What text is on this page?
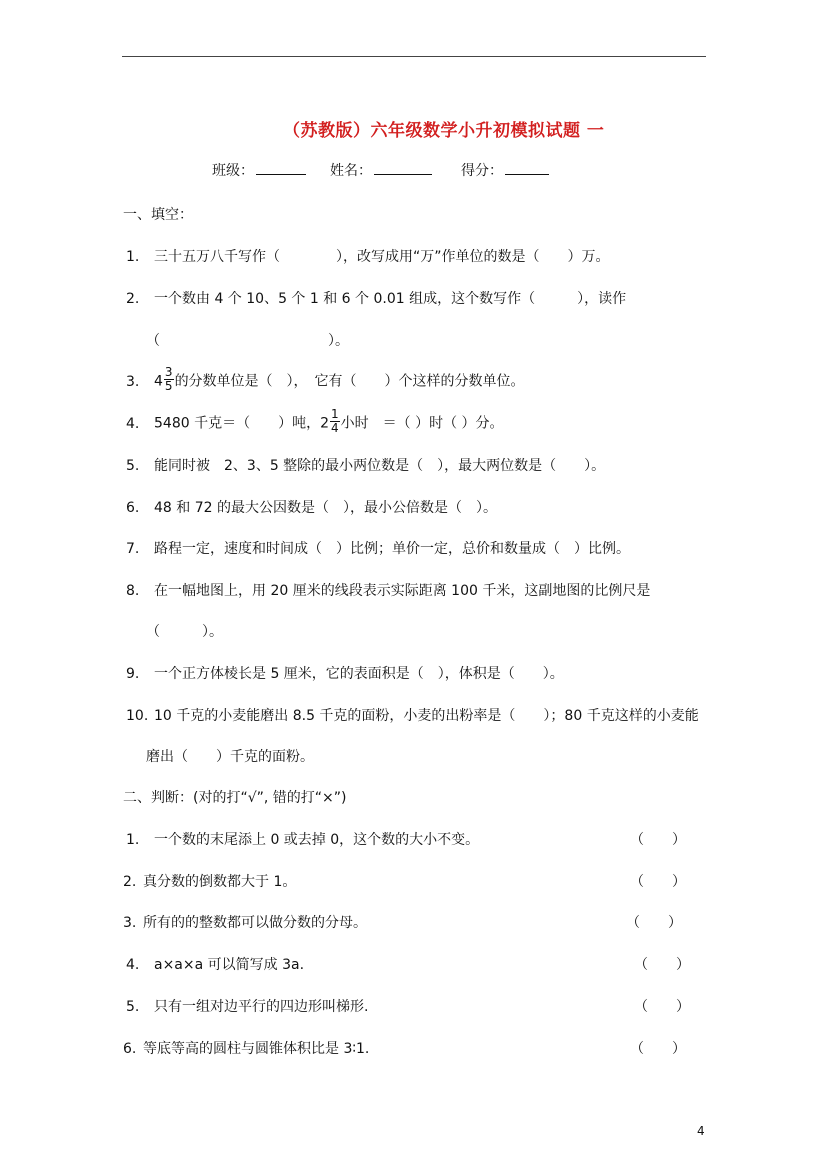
（苏教版）六年级数学小升初模拟试题 一
班级：	姓名：	得分：
一、填空：
1. 三十五万八千写作（　　　　），改写成用“万”作单位的数是（　　）万。
2. 一个数由 4 个 10、5 个 1 和 6 个 0.01 组成，这个数写作（　　　），读作
（　　　　　　　　　　　　）。
3. $4 \frac{3}{5}$ 的分数单位是（　），　它有（　　）个这样的分数单位。
4. 5480 千克＝（　　）吨，$2 \frac{1}{4}$ 小时　＝（ ）时（ ）分。
5. 能同时被　2、3、5 整除的最小两位数是（　），最大两位数是（　　）。
6. 48 和 72 的最大公因数是（　），最小公倍数是（　）。
7. 路程一定，速度和时间成（　）比例；单价一定，总价和数量成（　）比例。
8. 在一幅地图上，用 20 厘米的线段表示实际距离 100 千米，这副地图的比例尺是
（　　　）。
9. 一个正方体棱长是 5 厘米，它的表面积是（　），体积是（　　）。
10. 10 千克的小麦能磨出 8.5 千克的面粉，小麦的出粉率是（　　）；80 千克这样的小麦能
磨出（　　）千克的面粉。
二、判断：(对的打“√”, 错的打“×”)
1. 一个数的末尾添上 0 或去掉 0，这个数的大小不变。	（　　）
2. 真分数的倒数都大于 1。	（　　）
3. 所有的的整数都可以做分数的分母。	（　　）
4. a×a×a 可以简写成 3a.	（　　）
5. 只有一组对边平行的四边形叫梯形.	（　　）
6. 等底等高的圆柱与圆锥体积比是 3∶1.	（　　）
4
